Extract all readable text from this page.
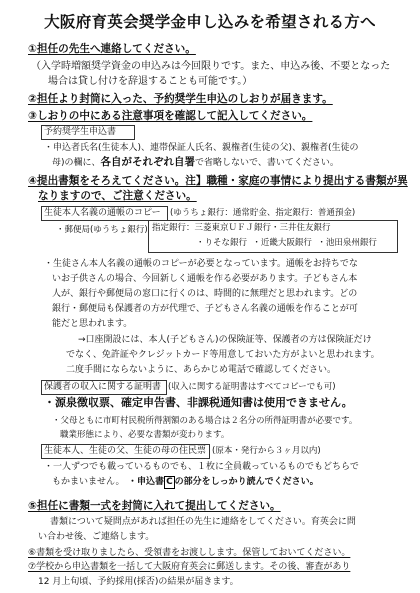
大阪府育英会奨学金申し込みを希望される方へ
①担任の先生へ連絡してください。
（入学時増額奨学資金の申込みは今回限りです。また、申込み後、不要となった
場合は貸し付けを辞退することも可能です。）
②担任より封筒に入った、予約奨学生申込のしおりが届きます。
③しおりの中にある注意事項を確認して記入してください。
予約奨学生申込書
・申込者氏名(生徒本人)、連帯保証人氏名、親権者(生徒の父)、親権者(生徒の
母)の欄に、各自がそれぞれ自署で省略しないで、書いてください。
④提出書類をそろえてください。注】職種・家庭の事情により提出する書類が異
なりますので、ご注意ください。
生徒本人名義の通帳のコピー (ゆうちょ銀行：通常貯金、指定銀行：普通預金)
・郵便局(ゆうちょ銀行) 指定銀行：三菱東京ＵＦＪ銀行・三井住友銀行
・りそな銀行 ・近畿大阪銀行 ・池田泉州銀行
・生徒さん本人名義の通帳のコピーが必要となっています。通帳をお持ちでな
いお子供さんの場合、今回新しく通帳を作る必要があります。子どもさん本
人が、銀行や郵便局の窓口に行くのは、時間的に無理だと思われます。どの
銀行・郵便局も保護者の方が代理で、子どもさん名義の通帳を作ることが可
能だと思われます。
→口座開設には、本人(子どもさん)の保険証等、保護者の方は保険証だけ
でなく、免許証やクレジットカード等用意しておいた方がよいと思われます。
二度手間にならないように、あらかじめ電話で確認してください。
保護者の収入に関する証明書 (収入に関する証明書はすべてコピーでも可)
・源泉徴収票、確定申告書、非課税通知書は使用できません。
・父母ともに市町村民税所得割額のある場合は２名分の所得証明書が必要です。
職業形態により、必要な書類が変わります。
生徒本人、生徒の父、生徒の母の住民票 (原本・発行から３ヶ月以内)
・一人ずつでも載っているものでも、１枚に全員載っているものでもどちらで
もかまいません。 ・申込書 C の部分をしっかり読んでください。
⑤担任に書類一式を封筒に入れて提出してください。
書類について疑問点があれば担任の先生に連絡をしてください。育英会に問
い合わせ後、ご連絡します。
⑥書類を受け取りましたら、受領書をお渡しします。保管しておいてください。
⑦学校から申込書類を一括して大阪府育英会に郵送します。その後、審査があり
12 月上旬頃、予約採用(採否)の結果が届きます。
